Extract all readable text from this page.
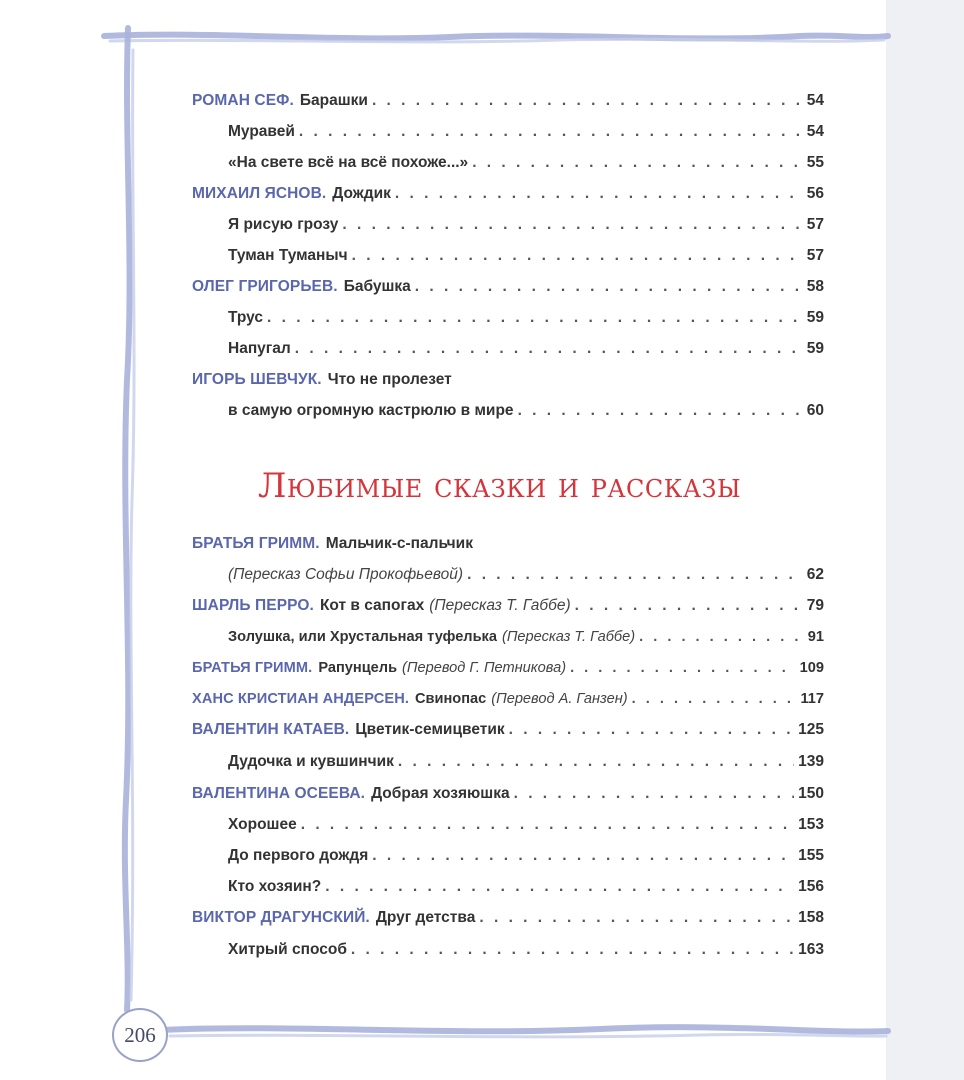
РОМАН СЕФ. Барашки . . .	54
Муравей . . .	54
«На свете всё на всё похоже...» . . .	55
МИХАИЛ ЯСНОВ. Дождик . . .	56
Я рисую грозу . . .	57
Туман Туманыч . . .	57
ОЛЕГ ГРИГОРЬЕВ. Бабушка . . .	58
Трус . . .	59
Напугал . . .	59
ИГОРЬ ШЕВЧУК. Что не пролезет
в самую огромную кастрюлю в мире . . .	60
Любимые сказки и рассказы
БРАТЬЯ ГРИММ. Мальчик-с-пальчик
(Пересказ Софьи Прокофьевой) . . .	62
ШАРЛЬ ПЕРРО. Кот в сапогах (Пересказ Т. Габбе) . . .	79
Золушка, или Хрустальная туфелька (Пересказ Т. Габбе) . . .	91
БРАТЬЯ ГРИММ. Рапунцель (Перевод Г. Петникова) . . .	109
ХАНС КРИСТИАН АНДЕРСЕН. Свинопас (Перевод А. Ганзен) . . .	117
ВАЛЕНТИН КАТАЕВ. Цветик-семицветик . . .	125
Дудочка и кувшинчик . . .	139
ВАЛЕНТИНА ОСЕЕВА. Добрая хозяюшка . . .	150
Хорошее . . .	153
До первого дождя . . .	155
Кто хозяин? . . .	156
ВИКТОР ДРАГУНСКИЙ. Друг детства . . .	158
Хитрый способ . . .	163
206
